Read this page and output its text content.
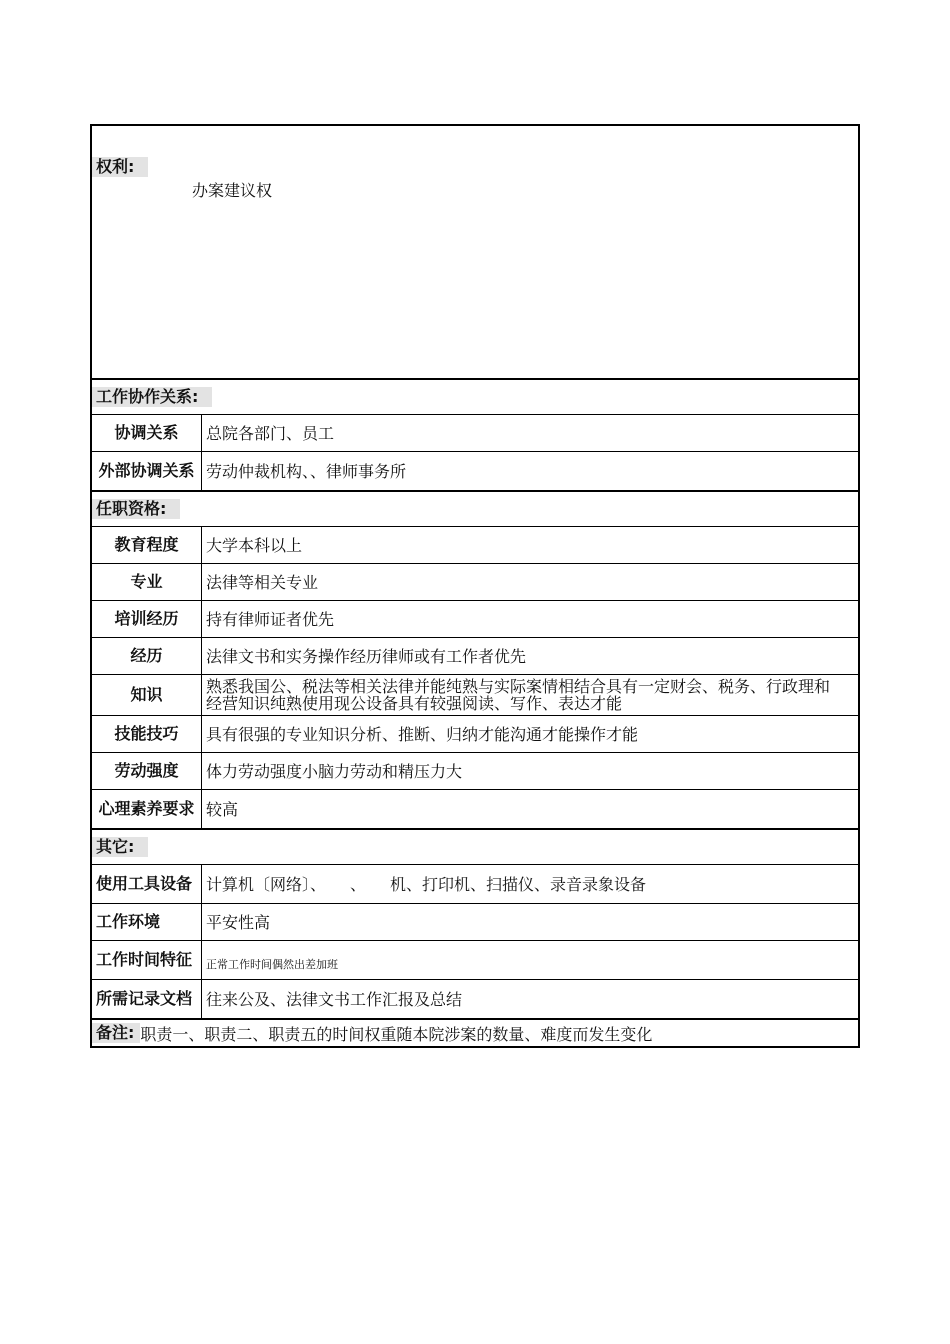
权利:
办案建议权
工作协作关系:
协调关系	总院各部门、员工
外部协调关系 劳动仲裁机构、、律师事务所
任职资格:
教育程度	大学本科以上
专业	法律等相关专业
培训经历	持有律师证者优先
经历	法律文书和实务操作经历律师或有工作者优先
知识	熟悉我国公、税法等相关法律并能纯熟与实际案情相结合具有一定财会、税务、行政理和经营知识纯熟使用现公设备具有较强阅读、写作、表达才能
技能技巧	具有很强的专业知识分析、推断、归纳才能沟通才能操作才能
劳动强度	体力劳动强度小脑力劳动和精压力大
心理素养要求 较高
其它:
使用工具设备 计算机〔网络〕、　　、　　机、打印机、扫描仪、录音录象设备
工作环境	平安性高
工作时间特征	正常工作时间偶然出差加班
所需记录文档 往来公及、法律文书工作汇报及总结
备注: 职责一、职责二、职责五的时间权重随本院涉案的数量、难度而发生变化
